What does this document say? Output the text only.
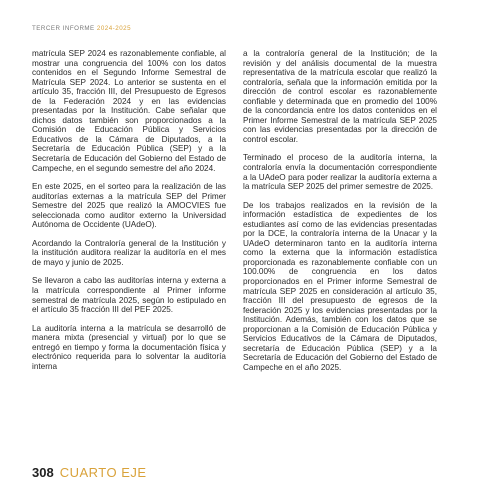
TERCER INFORME 2024-2025

matrícula SEP 2024 es razonablemente confiable, al mostrar una congruencia del 100% con los datos contenidos en el Segundo Informe Semestral de Matrícula SEP 2024. Lo anterior se sustenta en el artículo 35, fracción III, del Presupuesto de Egresos de la Federación 2024 y en las evidencias presentadas por la Institución. Cabe señalar que dichos datos también son proporcionados a la Comisión de Educación Pública y Servicios Educativos de la Cámara de Diputados, a la Secretaría de Educación Pública (SEP) y a la Secretaría de Educación del Gobierno del Estado de Campeche, en el segundo semestre del año 2024.

En este 2025, en el sorteo para la realización de las auditorías externas a la matrícula SEP del Primer Semestre del 2025 que realizó la AMOCVIES fue seleccionada como auditor externo la Universidad Autónoma de Occidente (UAdeO).

Acordando la Contraloría general de la Institución y la institución auditora realizar la auditoría en el mes de mayo y junio de 2025.

Se llevaron a cabo las auditorías interna y externa a la matrícula correspondiente al Primer informe semestral de matrícula 2025, según lo estipulado en el artículo 35 fracción III del PEF 2025.

La auditoría interna a la matrícula se desarrolló de manera mixta (presencial y virtual) por lo que se entregó en tiempo y forma la documentación física y electrónico requerida para lo solventar la auditoría interna

a la contraloría general de la Institución; de la revisión y del análisis documental de la muestra representativa de la matrícula escolar que realizó la contraloría, señala que la información emitida por la dirección de control escolar es razonablemente confiable y determinada que en promedio del 100% de la concordancia entre los datos contenidos en el Primer Informe Semestral de la matrícula SEP 2025 con las evidencias presentadas por la dirección de control escolar.

Terminado el proceso de la auditoría interna, la contraloría envía la documentación correspondiente a la UAdeO para poder realizar la auditoría externa a la matrícula SEP 2025 del primer semestre de 2025.

De los trabajos realizados en la revisión de la información estadística de expedientes de los estudiantes así como de las evidencias presentadas por la DCE, la contraloría interna de la Unacar y la UAdeO determinaron tanto en la auditoría interna como la externa que la información estadística proporcionada es razonablemente confiable con un 100.00% de congruencia en los datos proporcionados en el Primer informe Semestral de matrícula SEP 2025 en consideración al artículo 35, fracción III del presupuesto de egresos de la federación 2025 y los evidencias presentadas por la Institución. Además, también con los datos que se proporcionan a la Comisión de Educación Pública y Servicios Educativos de la Cámara de Diputados, secretaría de Educación Pública (SEP) y a la Secretaría de Educación del Gobierno del Estado de Campeche en el año 2025.

308 CUARTO EJE
